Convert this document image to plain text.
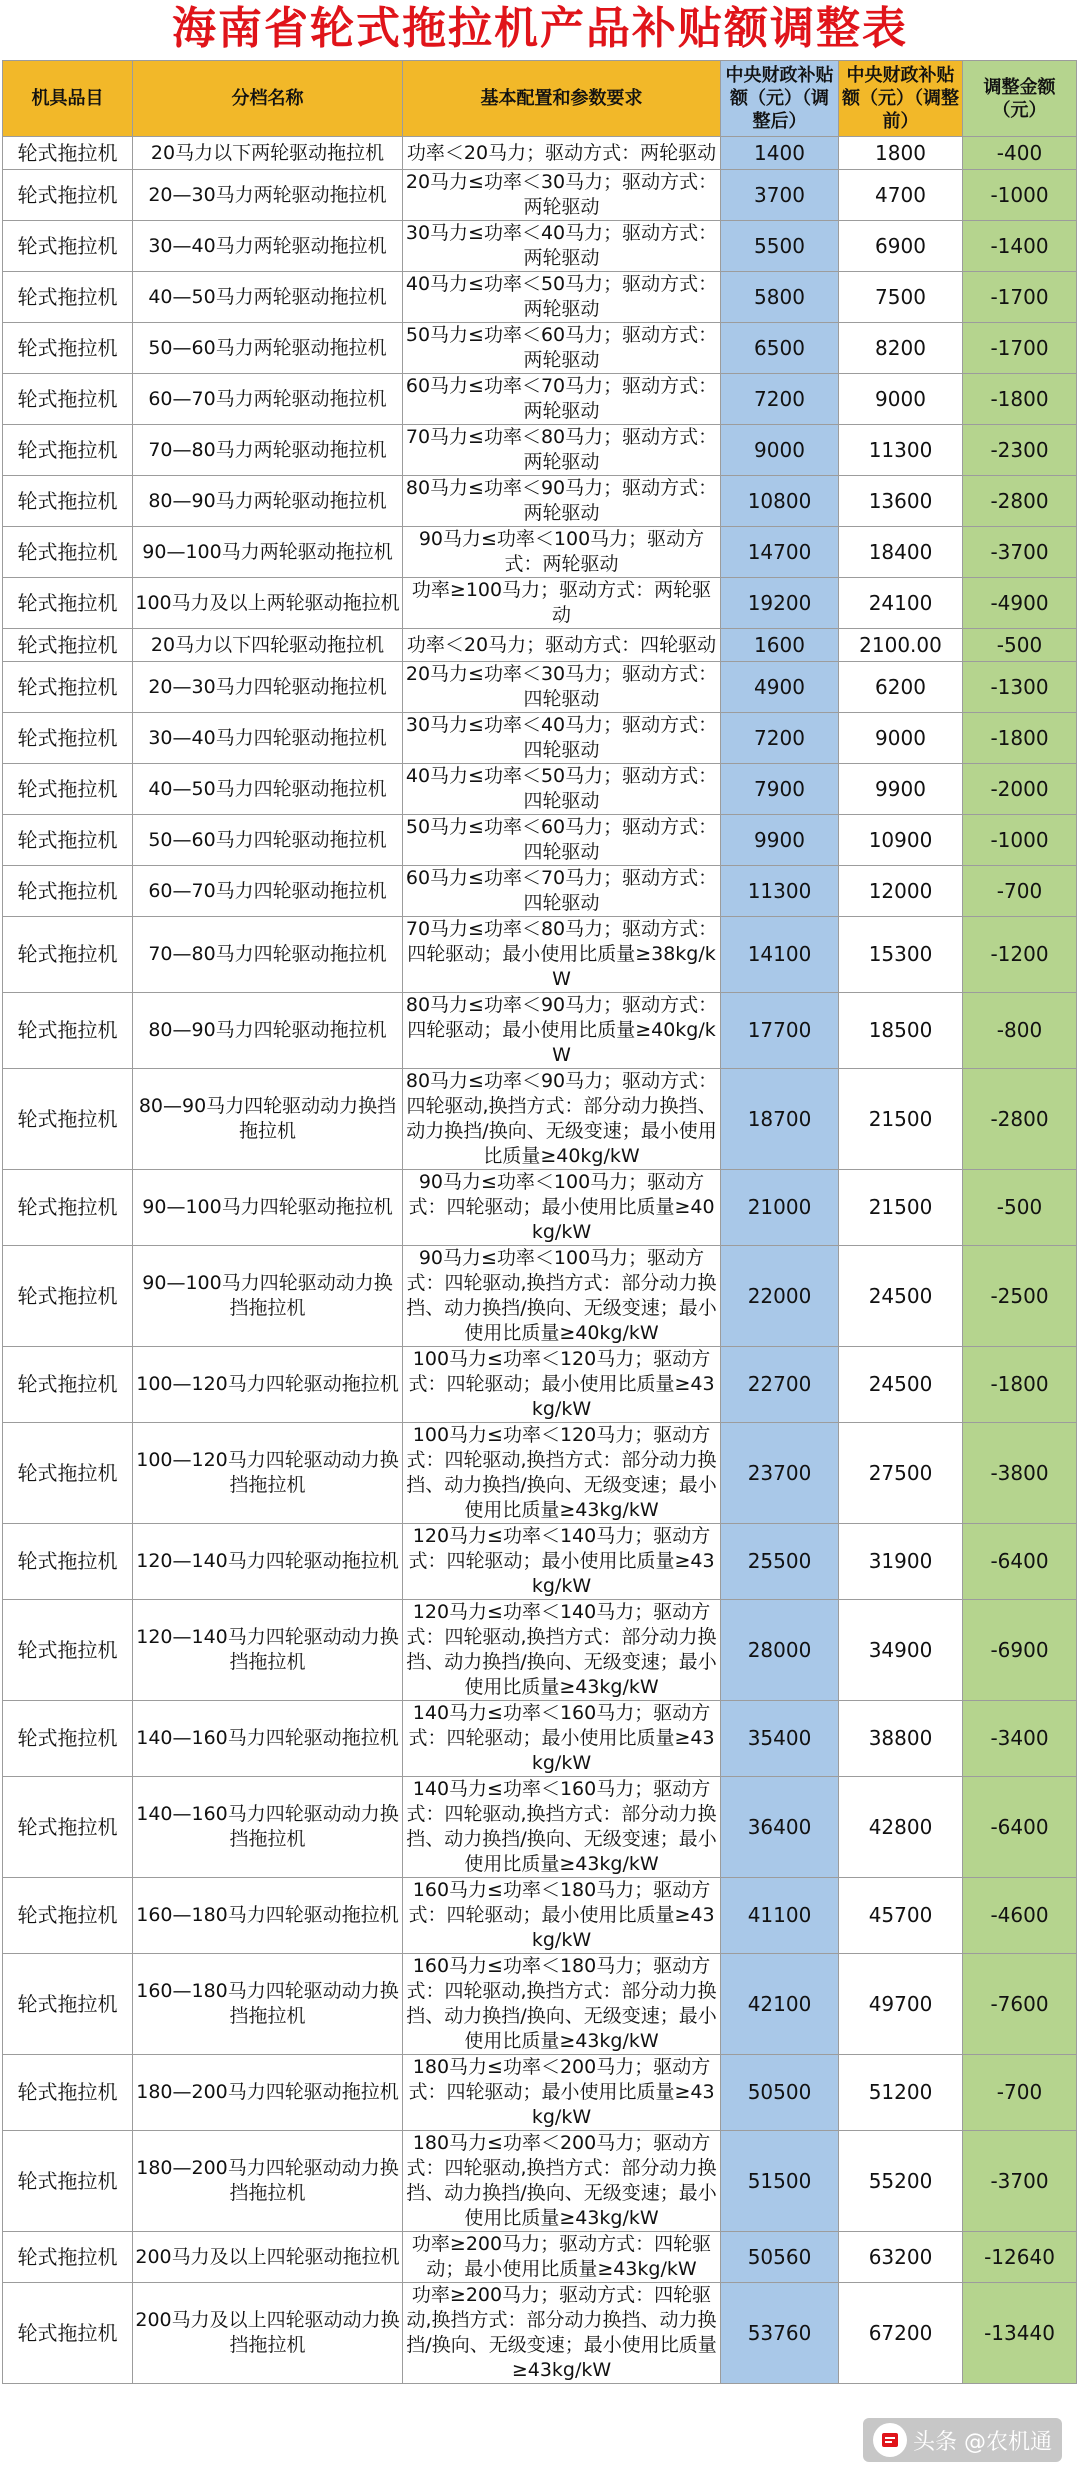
海南省轮式拖拉机产品补贴额调整表
机具品目	分档名称	基本配置和参数要求	中央财政补贴额（元）（调整后）	中央财政补贴额（元）（调整前）	调整金额（元）
轮式拖拉机	20马力以下两轮驱动拖拉机	功率＜20马力；驱动方式：两轮驱动	1400	1800	-400
轮式拖拉机	20—30马力两轮驱动拖拉机	20马力≤功率＜30马力；驱动方式：两轮驱动	3700	4700	-1000
轮式拖拉机	30—40马力两轮驱动拖拉机	30马力≤功率＜40马力；驱动方式：两轮驱动	5500	6900	-1400
轮式拖拉机	40—50马力两轮驱动拖拉机	40马力≤功率＜50马力；驱动方式：两轮驱动	5800	7500	-1700
轮式拖拉机	50—60马力两轮驱动拖拉机	50马力≤功率＜60马力；驱动方式：两轮驱动	6500	8200	-1700
轮式拖拉机	60—70马力两轮驱动拖拉机	60马力≤功率＜70马力；驱动方式：两轮驱动	7200	9000	-1800
轮式拖拉机	70—80马力两轮驱动拖拉机	70马力≤功率＜80马力；驱动方式：两轮驱动	9000	11300	-2300
轮式拖拉机	80—90马力两轮驱动拖拉机	80马力≤功率＜90马力；驱动方式：两轮驱动	10800	13600	-2800
轮式拖拉机	90—100马力两轮驱动拖拉机	90马力≤功率＜100马力；驱动方式：两轮驱动	14700	18400	-3700
轮式拖拉机	100马力及以上两轮驱动拖拉机	功率≥100马力；驱动方式：两轮驱动	19200	24100	-4900
轮式拖拉机	20马力以下四轮驱动拖拉机	功率＜20马力；驱动方式：四轮驱动	1600	2100.00	-500
轮式拖拉机	20—30马力四轮驱动拖拉机	20马力≤功率＜30马力；驱动方式：四轮驱动	4900	6200	-1300
轮式拖拉机	30—40马力四轮驱动拖拉机	30马力≤功率＜40马力；驱动方式：四轮驱动	7200	9000	-1800
轮式拖拉机	40—50马力四轮驱动拖拉机	40马力≤功率＜50马力；驱动方式：四轮驱动	7900	9900	-2000
轮式拖拉机	50—60马力四轮驱动拖拉机	50马力≤功率＜60马力；驱动方式：四轮驱动	9900	10900	-1000
轮式拖拉机	60—70马力四轮驱动拖拉机	60马力≤功率＜70马力；驱动方式：四轮驱动	11300	12000	-700
轮式拖拉机	70—80马力四轮驱动拖拉机	70马力≤功率＜80马力；驱动方式：四轮驱动；最小使用比质量≥38kg/kW	14100	15300	-1200
轮式拖拉机	80—90马力四轮驱动拖拉机	80马力≤功率＜90马力；驱动方式：四轮驱动；最小使用比质量≥40kg/kW	17700	18500	-800
轮式拖拉机	80—90马力四轮驱动动力换挡拖拉机	80马力≤功率＜90马力；驱动方式：四轮驱动,换挡方式：部分动力换挡、动力换挡/换向、无级变速；最小使用比质量≥40kg/kW	18700	21500	-2800
轮式拖拉机	90—100马力四轮驱动拖拉机	90马力≤功率＜100马力；驱动方式：四轮驱动；最小使用比质量≥40kg/kW	21000	21500	-500
轮式拖拉机	90—100马力四轮驱动动力换挡拖拉机	90马力≤功率＜100马力；驱动方式：四轮驱动,换挡方式：部分动力换挡、动力换挡/换向、无级变速；最小使用比质量≥40kg/kW	22000	24500	-2500
轮式拖拉机	100—120马力四轮驱动拖拉机	100马力≤功率＜120马力；驱动方式：四轮驱动；最小使用比质量≥43kg/kW	22700	24500	-1800
轮式拖拉机	100—120马力四轮驱动动力换挡拖拉机	100马力≤功率＜120马力；驱动方式：四轮驱动,换挡方式：部分动力换挡、动力换挡/换向、无级变速；最小使用比质量≥43kg/kW	23700	27500	-3800
轮式拖拉机	120—140马力四轮驱动拖拉机	120马力≤功率＜140马力；驱动方式：四轮驱动；最小使用比质量≥43kg/kW	25500	31900	-6400
轮式拖拉机	120—140马力四轮驱动动力换挡拖拉机	120马力≤功率＜140马力；驱动方式：四轮驱动,换挡方式：部分动力换挡、动力换挡/换向、无级变速；最小使用比质量≥43kg/kW	28000	34900	-6900
轮式拖拉机	140—160马力四轮驱动拖拉机	140马力≤功率＜160马力；驱动方式：四轮驱动；最小使用比质量≥43kg/kW	35400	38800	-3400
轮式拖拉机	140—160马力四轮驱动动力换挡拖拉机	140马力≤功率＜160马力；驱动方式：四轮驱动,换挡方式：部分动力换挡、动力换挡/换向、无级变速；最小使用比质量≥43kg/kW	36400	42800	-6400
轮式拖拉机	160—180马力四轮驱动拖拉机	160马力≤功率＜180马力；驱动方式：四轮驱动；最小使用比质量≥43kg/kW	41100	45700	-4600
轮式拖拉机	160—180马力四轮驱动动力换挡拖拉机	160马力≤功率＜180马力；驱动方式：四轮驱动,换挡方式：部分动力换挡、动力换挡/换向、无级变速；最小使用比质量≥43kg/kW	42100	49700	-7600
轮式拖拉机	180—200马力四轮驱动拖拉机	180马力≤功率＜200马力；驱动方式：四轮驱动；最小使用比质量≥43kg/kW	50500	51200	-700
轮式拖拉机	180—200马力四轮驱动动力换挡拖拉机	180马力≤功率＜200马力；驱动方式：四轮驱动,换挡方式：部分动力换挡、动力换挡/换向、无级变速；最小使用比质量≥43kg/kW	51500	55200	-3700
轮式拖拉机	200马力及以上四轮驱动拖拉机	功率≥200马力；驱动方式：四轮驱动；最小使用比质量≥43kg/kW	50560	63200	-12640
轮式拖拉机	200马力及以上四轮驱动动力换挡拖拉机	功率≥200马力；驱动方式：四轮驱动,换挡方式：部分动力换挡、动力换挡/换向、无级变速；最小使用比质量≥43kg/kW	53760	67200	-13440
头条 @农机通
